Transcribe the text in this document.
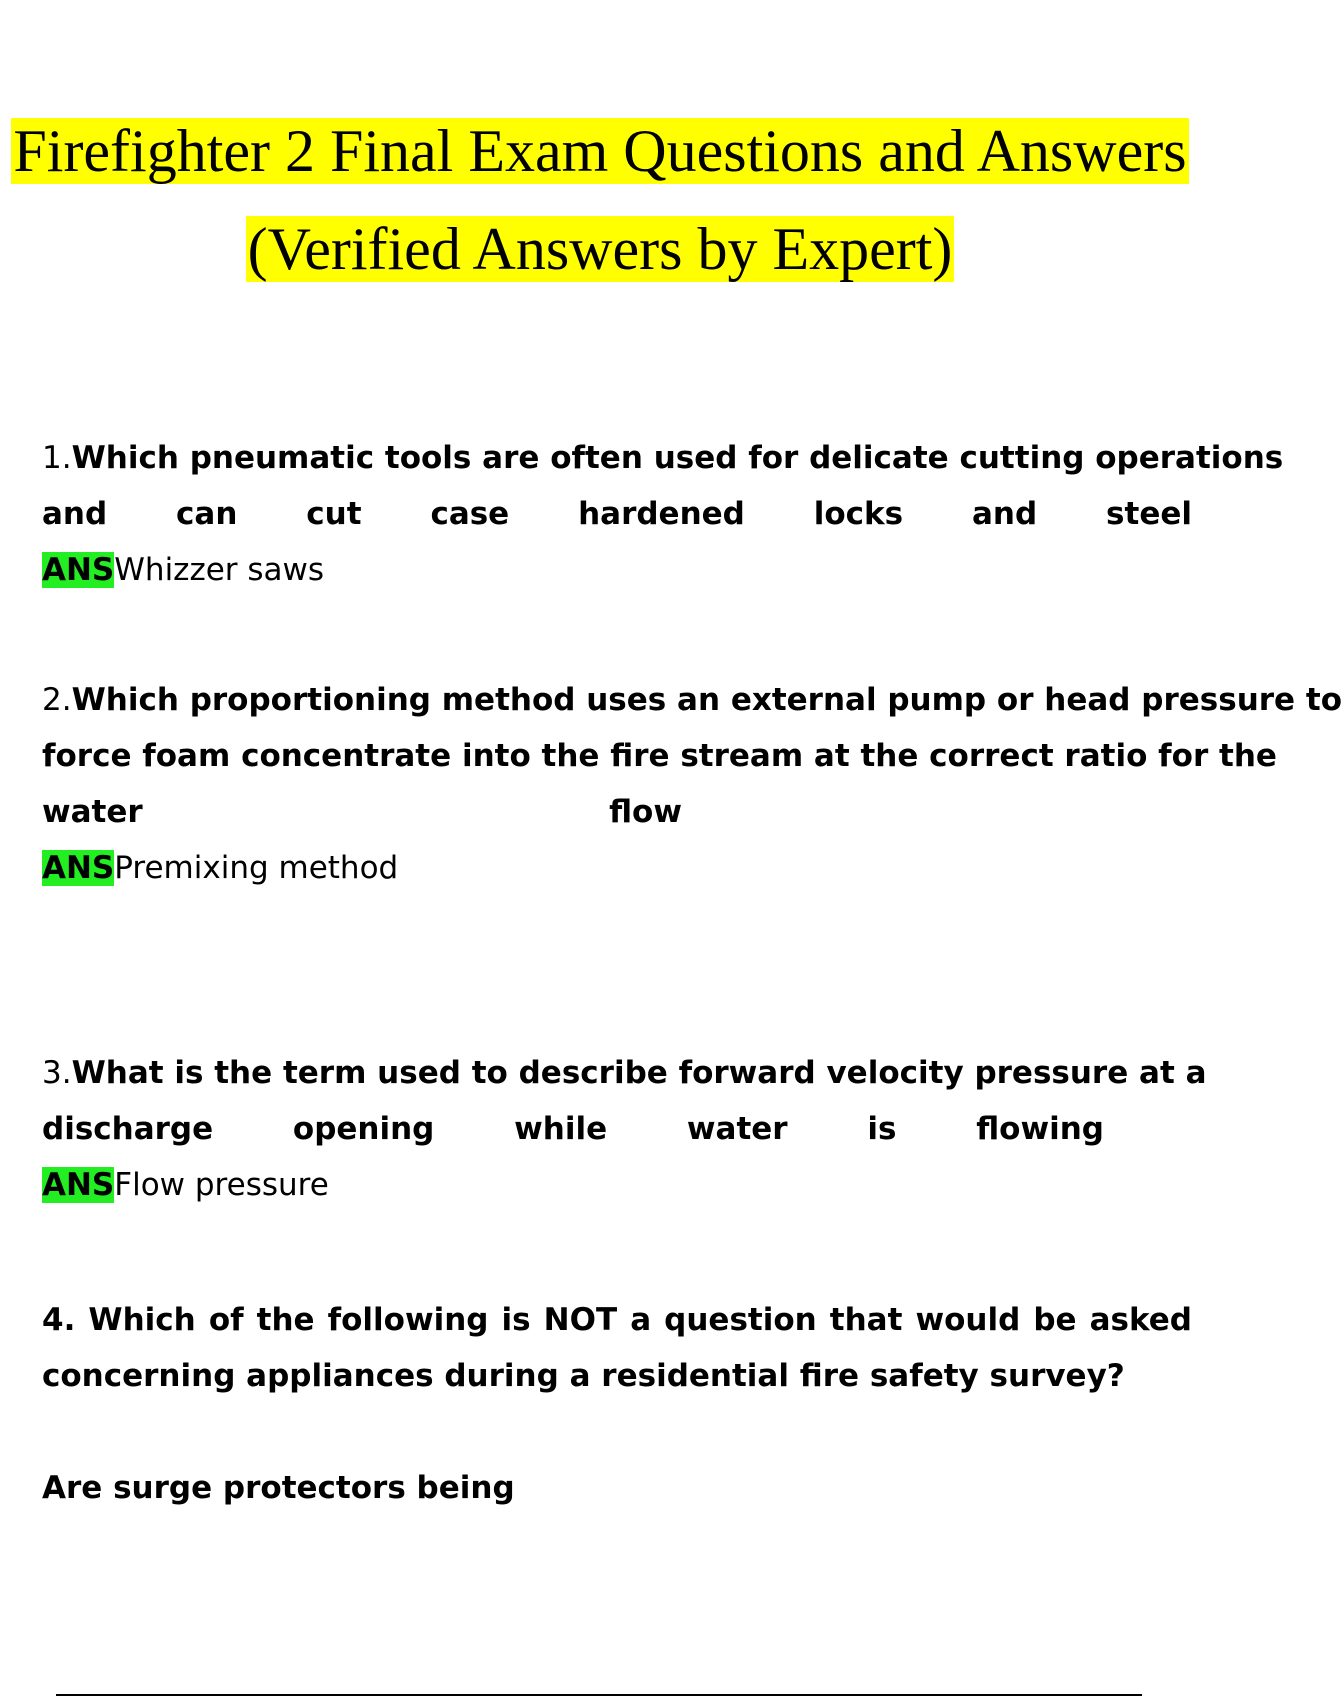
Firefighter 2 Final Exam Questions and Answers
(Verified Answers by Expert)
1.Which pneumatic tools are often used for delicate cutting operations
and can cut case hardened locks and steel
ANSWhizzer saws
2.Which proportioning method uses an external pump or head pressure to
force foam concentrate into the fire stream at the correct ratio for the
water flow
ANSPremixing method
3.What is the term used to describe forward velocity pressure at a
discharge opening while water is flowing
ANSFlow pressure
4. Which of the following is NOT a question that would be asked
concerning appliances during a residential fire safety survey?
Are surge protectors being
